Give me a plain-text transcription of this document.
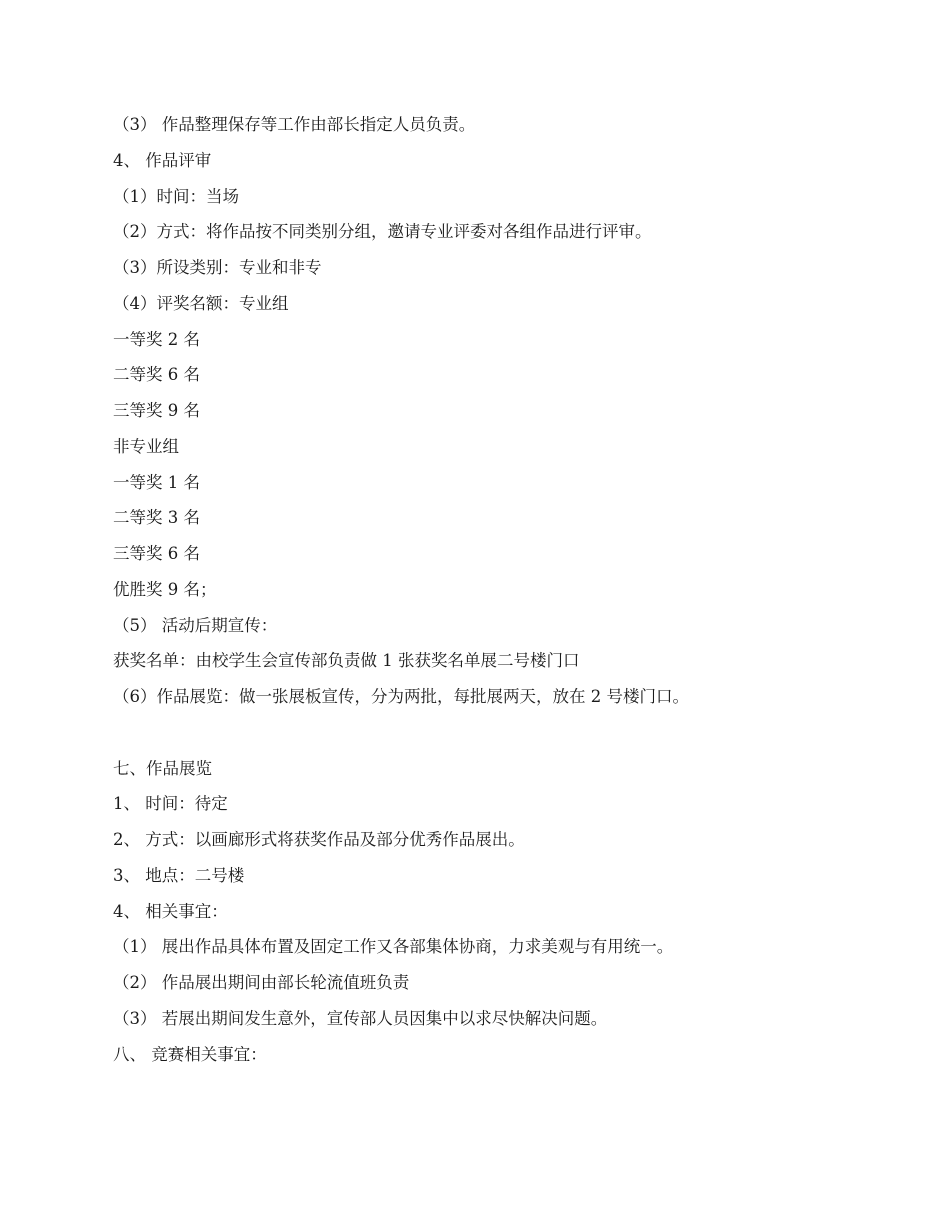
（3） 作品整理保存等工作由部长指定人员负责。
4、 作品评审
（1）时间：当场
（2）方式：将作品按不同类别分组，邀请专业评委对各组作品进行评审。
（3）所设类别：专业和非专
（4）评奖名额：专业组
一等奖 2 名
二等奖 6 名
三等奖 9 名
非专业组
一等奖 1 名
二等奖 3 名
三等奖 6 名
优胜奖 9 名；
（5） 活动后期宣传：
获奖名单：由校学生会宣传部负责做 1 张获奖名单展二号楼门口
（6）作品展览：做一张展板宣传，分为两批，每批展两天，放在 2 号楼门口。
七、作品展览
1、 时间：待定
2、 方式：以画廊形式将获奖作品及部分优秀作品展出。
3、 地点：二号楼
4、 相关事宜：
（1） 展出作品具体布置及固定工作又各部集体协商，力求美观与有用统一。
（2） 作品展出期间由部长轮流值班负责
（3） 若展出期间发生意外，宣传部人员因集中以求尽快解决问题。
八、 竞赛相关事宜：
